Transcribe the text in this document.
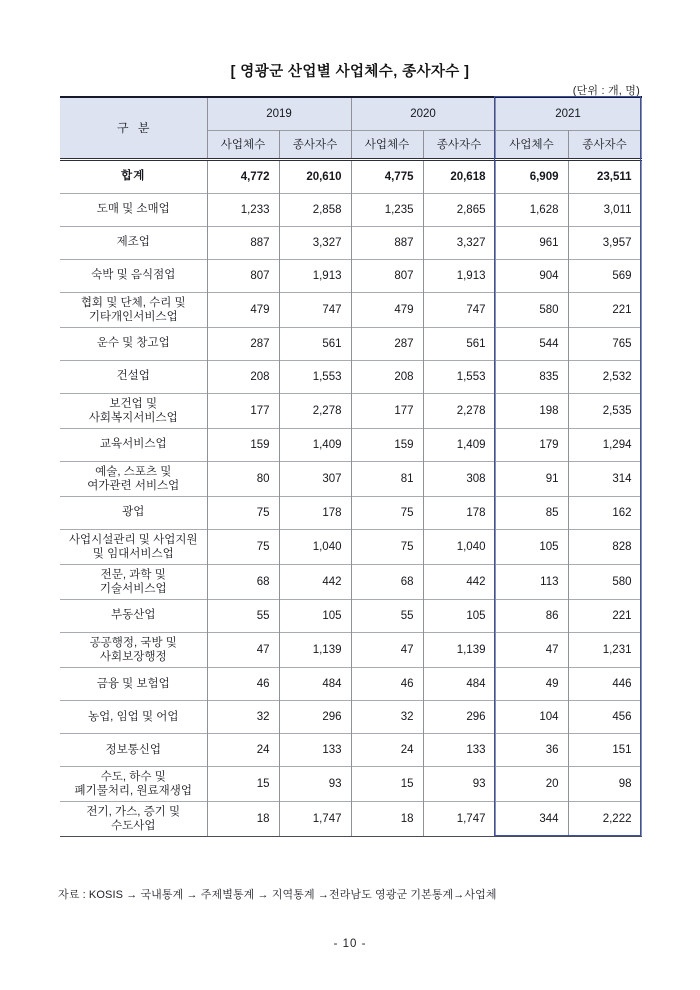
[ 영광군 산업별 사업체수, 종사자수 ]
(단위 : 개, 명)
구 분	2019		2020		2021	
	사업체수	종사자수	사업체수	종사자수	사업체수	종사자수
합계	4,772	20,610	4,775	20,618	6,909	23,511
도매 및 소매업	1,233	2,858	1,235	2,865	1,628	3,011
제조업	887	3,327	887	3,327	961	3,957
숙박 및 음식점업	807	1,913	807	1,913	904	569

협회 및 단체, 수리 및
기타개인서비스업	479	747	479	747	580	221
운수 및 창고업	287	561	287	561	544	765
건설업	208	1,553	208	1,553	835	2,532

보건업 및
사회복지서비스업	177	2,278	177	2,278	198	2,535
교육서비스업	159	1,409	159	1,409	179	1,294

예술, 스포츠 및
여가관련 서비스업	80	307	81	308	91	314
광업	75	178	75	178	85	162

사업시설관리 및 사업지원
및 임대서비스업	75	1,040	75	1,040	105	828

전문, 과학 및
기술서비스업	68	442	68	442	113	580
부동산업	55	105	55	105	86	221

공공행정, 국방 및
사회보장행정	47	1,139	47	1,139	47	1,231
금융 및 보험업	46	484	46	484	49	446
농업, 임업 및 어업	32	296	32	296	104	456
정보통신업	24	133	24	133	36	151

수도, 하수 및
폐기물처리, 원료재생업	15	93	15	93	20	98

전기, 가스, 증기 및
수도사업	18	1,747	18	1,747	344	2,222
자료 : KOSIS → 국내통계 → 주제별통계 → 지역통계 →전라남도 영광군 기본통계→사업체
- 10 -
